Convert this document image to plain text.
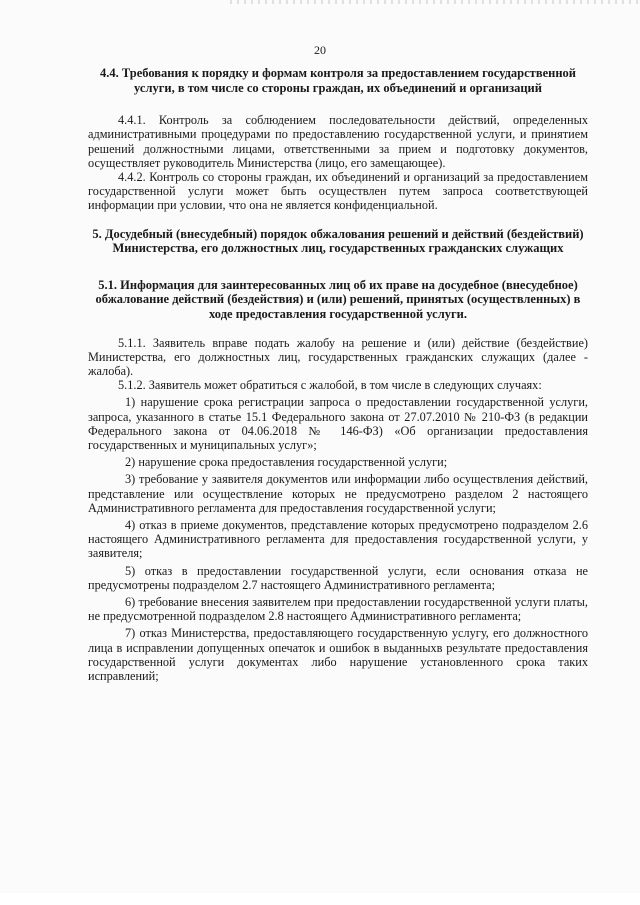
20

4.4. Требования к порядку и формам контроля за предоставлением государственной услуги, в том числе со стороны граждан, их объединений и организаций

4.4.1. Контроль за соблюдением последовательности действий, определенных административными процедурами по предоставлению государственной услуги, и принятием решений должностными лицами, ответственными за прием и подготовку документов, осуществляет руководитель Министерства (лицо, его замещающее).

4.4.2. Контроль со стороны граждан, их объединений и организаций за предоставлением государственной услуги может быть осуществлен путем запроса соответствующей информации при условии, что она не является конфиденциальной.

5. Досудебный (внесудебный) порядок обжалования решений и действий (бездействий) Министерства, его должностных лиц, государственных гражданских служащих

5.1. Информация для заинтересованных лиц об их праве на досудебное (внесудебное) обжалование действий (бездействия) и (или) решений, принятых (осуществленных) в ходе предоставления государственной услуги.

5.1.1. Заявитель вправе подать жалобу на решение и (или) действие (бездействие) Министерства, его должностных лиц, государственных гражданских служащих (далее - жалоба).

5.1.2. Заявитель может обратиться с жалобой, в том числе в следующих случаях:

1) нарушение срока регистрации запроса о предоставлении государственной услуги, запроса, указанного в статье 15.1 Федерального закона от 27.07.2010 № 210-ФЗ (в редакции Федерального закона от 04.06.2018 № 146-ФЗ) «Об организации предоставления государственных и муниципальных услуг»;

2) нарушение срока предоставления государственной услуги;

3) требование у заявителя документов или информации либо осуществления действий, представление или осуществление которых не предусмотрено разделом 2 настоящего Административного регламента для предоставления государственной услуги;

4) отказ в приеме документов, представление которых предусмотрено подразделом 2.6 настоящего Административного регламента для предоставления государственной услуги, у заявителя;

5) отказ в предоставлении государственной услуги, если основания отказа не предусмотрены подразделом 2.7 настоящего Административного регламента;

6) требование внесения заявителем при предоставлении государственной услуги платы, не предусмотренной подразделом 2.8 настоящего Административного регламента;

7) отказ Министерства, предоставляющего государственную услугу, его должностного лица в исправлении допущенных опечаток и ошибок в выданныхв результате предоставления государственной услуги документах либо нарушение установленного срока таких исправлений;
